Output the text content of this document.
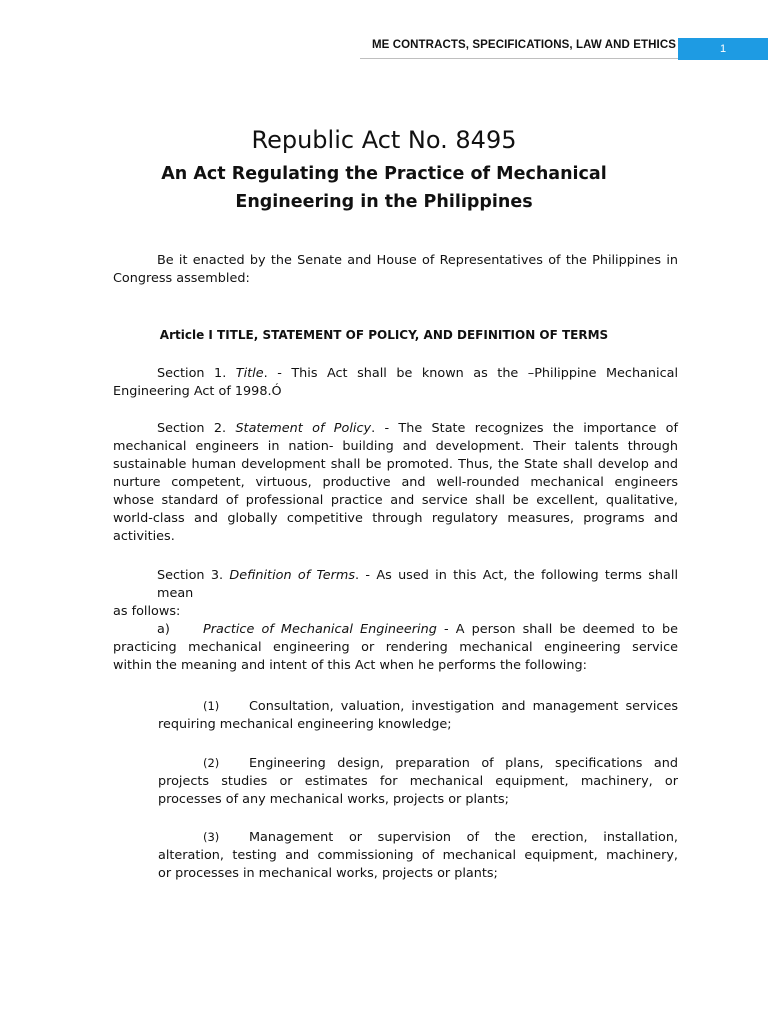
ME CONTRACTS, SPECIFICATIONS, LAW AND ETHICS	1
Republic Act No. 8495
An Act Regulating the Practice of Mechanical
Engineering in the Philippines
Be it enacted by the Senate and House of Representatives of the Philippines in
Congress assembled:
Article I TITLE, STATEMENT OF POLICY, AND DEFINITION OF TERMS
Section 1. Title. - This Act shall be known as the –Philippine Mechanical
Engineering Act of 1998.Ó
Section 2. Statement of Policy. - The State recognizes the importance of
mechanical engineers in nation- building and development. Their talents through
sustainable human development shall be promoted. Thus, the State shall develop and
nurture competent, virtuous, productive and well-rounded mechanical engineers
whose standard of professional practice and service shall be excellent, qualitative,
world-class and globally competitive through regulatory measures, programs and
activities.
Section 3. Definition of Terms. - As used in this Act, the following terms shall mean
as follows:
a)	Practice of Mechanical Engineering - A person shall be deemed to be
practicing mechanical engineering or rendering mechanical engineering service
within the meaning and intent of this Act when he performs the following:
(1) Consultation, valuation, investigation and management services
requiring mechanical engineering knowledge;
(2) Engineering design, preparation of plans, specifications and
projects studies or estimates for mechanical equipment, machinery, or
processes of any mechanical works, projects or plants;
(3) Management or supervision of the erection, installation,
alteration, testing and commissioning of mechanical equipment, machinery,
or processes in mechanical works, projects or plants;
